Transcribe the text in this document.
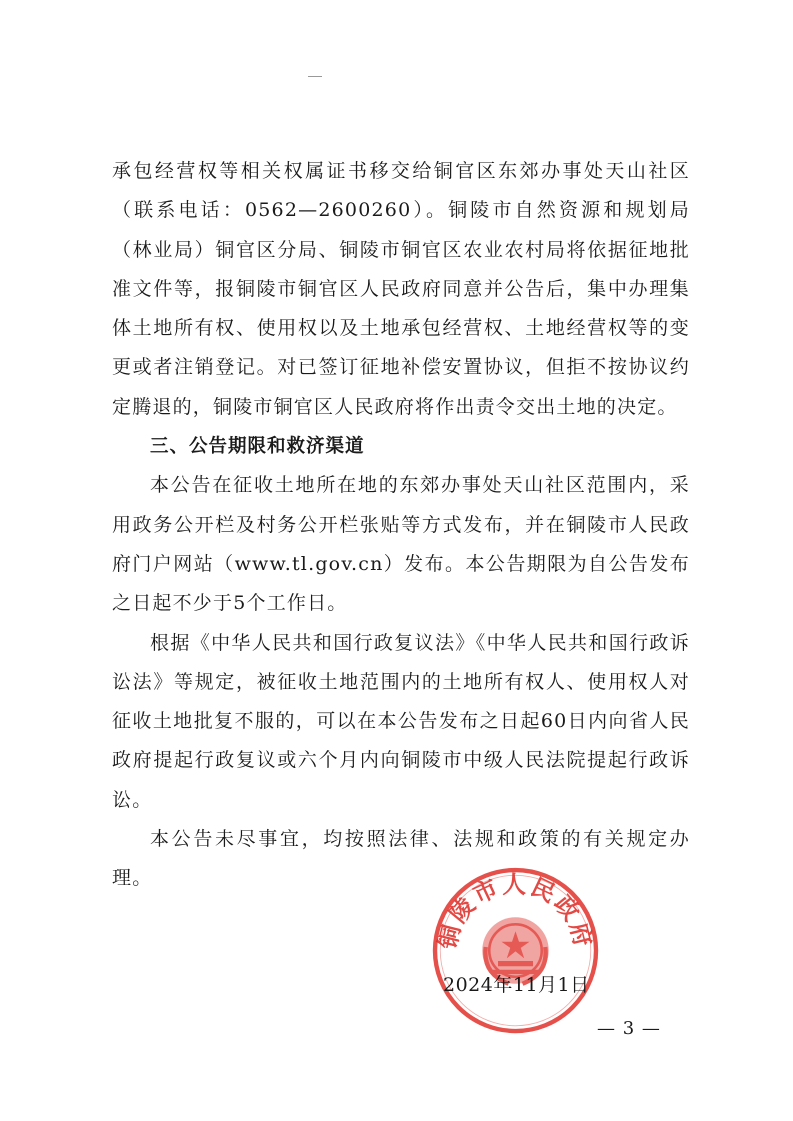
承包经营权等相关权属证书移交给铜官区东郊办事处天山社区（联系电话：0562—2600260）。铜陵市自然资源和规划局（林业局）铜官区分局、铜陵市铜官区农业农村局将依据征地批准文件等，报铜陵市铜官区人民政府同意并公告后，集中办理集体土地所有权、使用权以及土地承包经营权、土地经营权等的变更或者注销登记。对已签订征地补偿安置协议，但拒不按协议约定腾退的，铜陵市铜官区人民政府将作出责令交出土地的决定。

三、公告期限和救济渠道

本公告在征收土地所在地的东郊办事处天山社区范围内，采用政务公开栏及村务公开栏张贴等方式发布，并在铜陵市人民政府门户网站（www.tl.gov.cn）发布。本公告期限为自公告发布之日起不少于5个工作日。

根据《中华人民共和国行政复议法》《中华人民共和国行政诉讼法》等规定，被征收土地范围内的土地所有权人、使用权人对征收土地批复不服的，可以在本公告发布之日起60日内向省人民政府提起行政复议或六个月内向铜陵市中级人民法院提起行政诉讼。

本公告未尽事宜，均按照法律、法规和政策的有关规定办理。

铜陵市人民政府
2024年11月1日
— 3 —
